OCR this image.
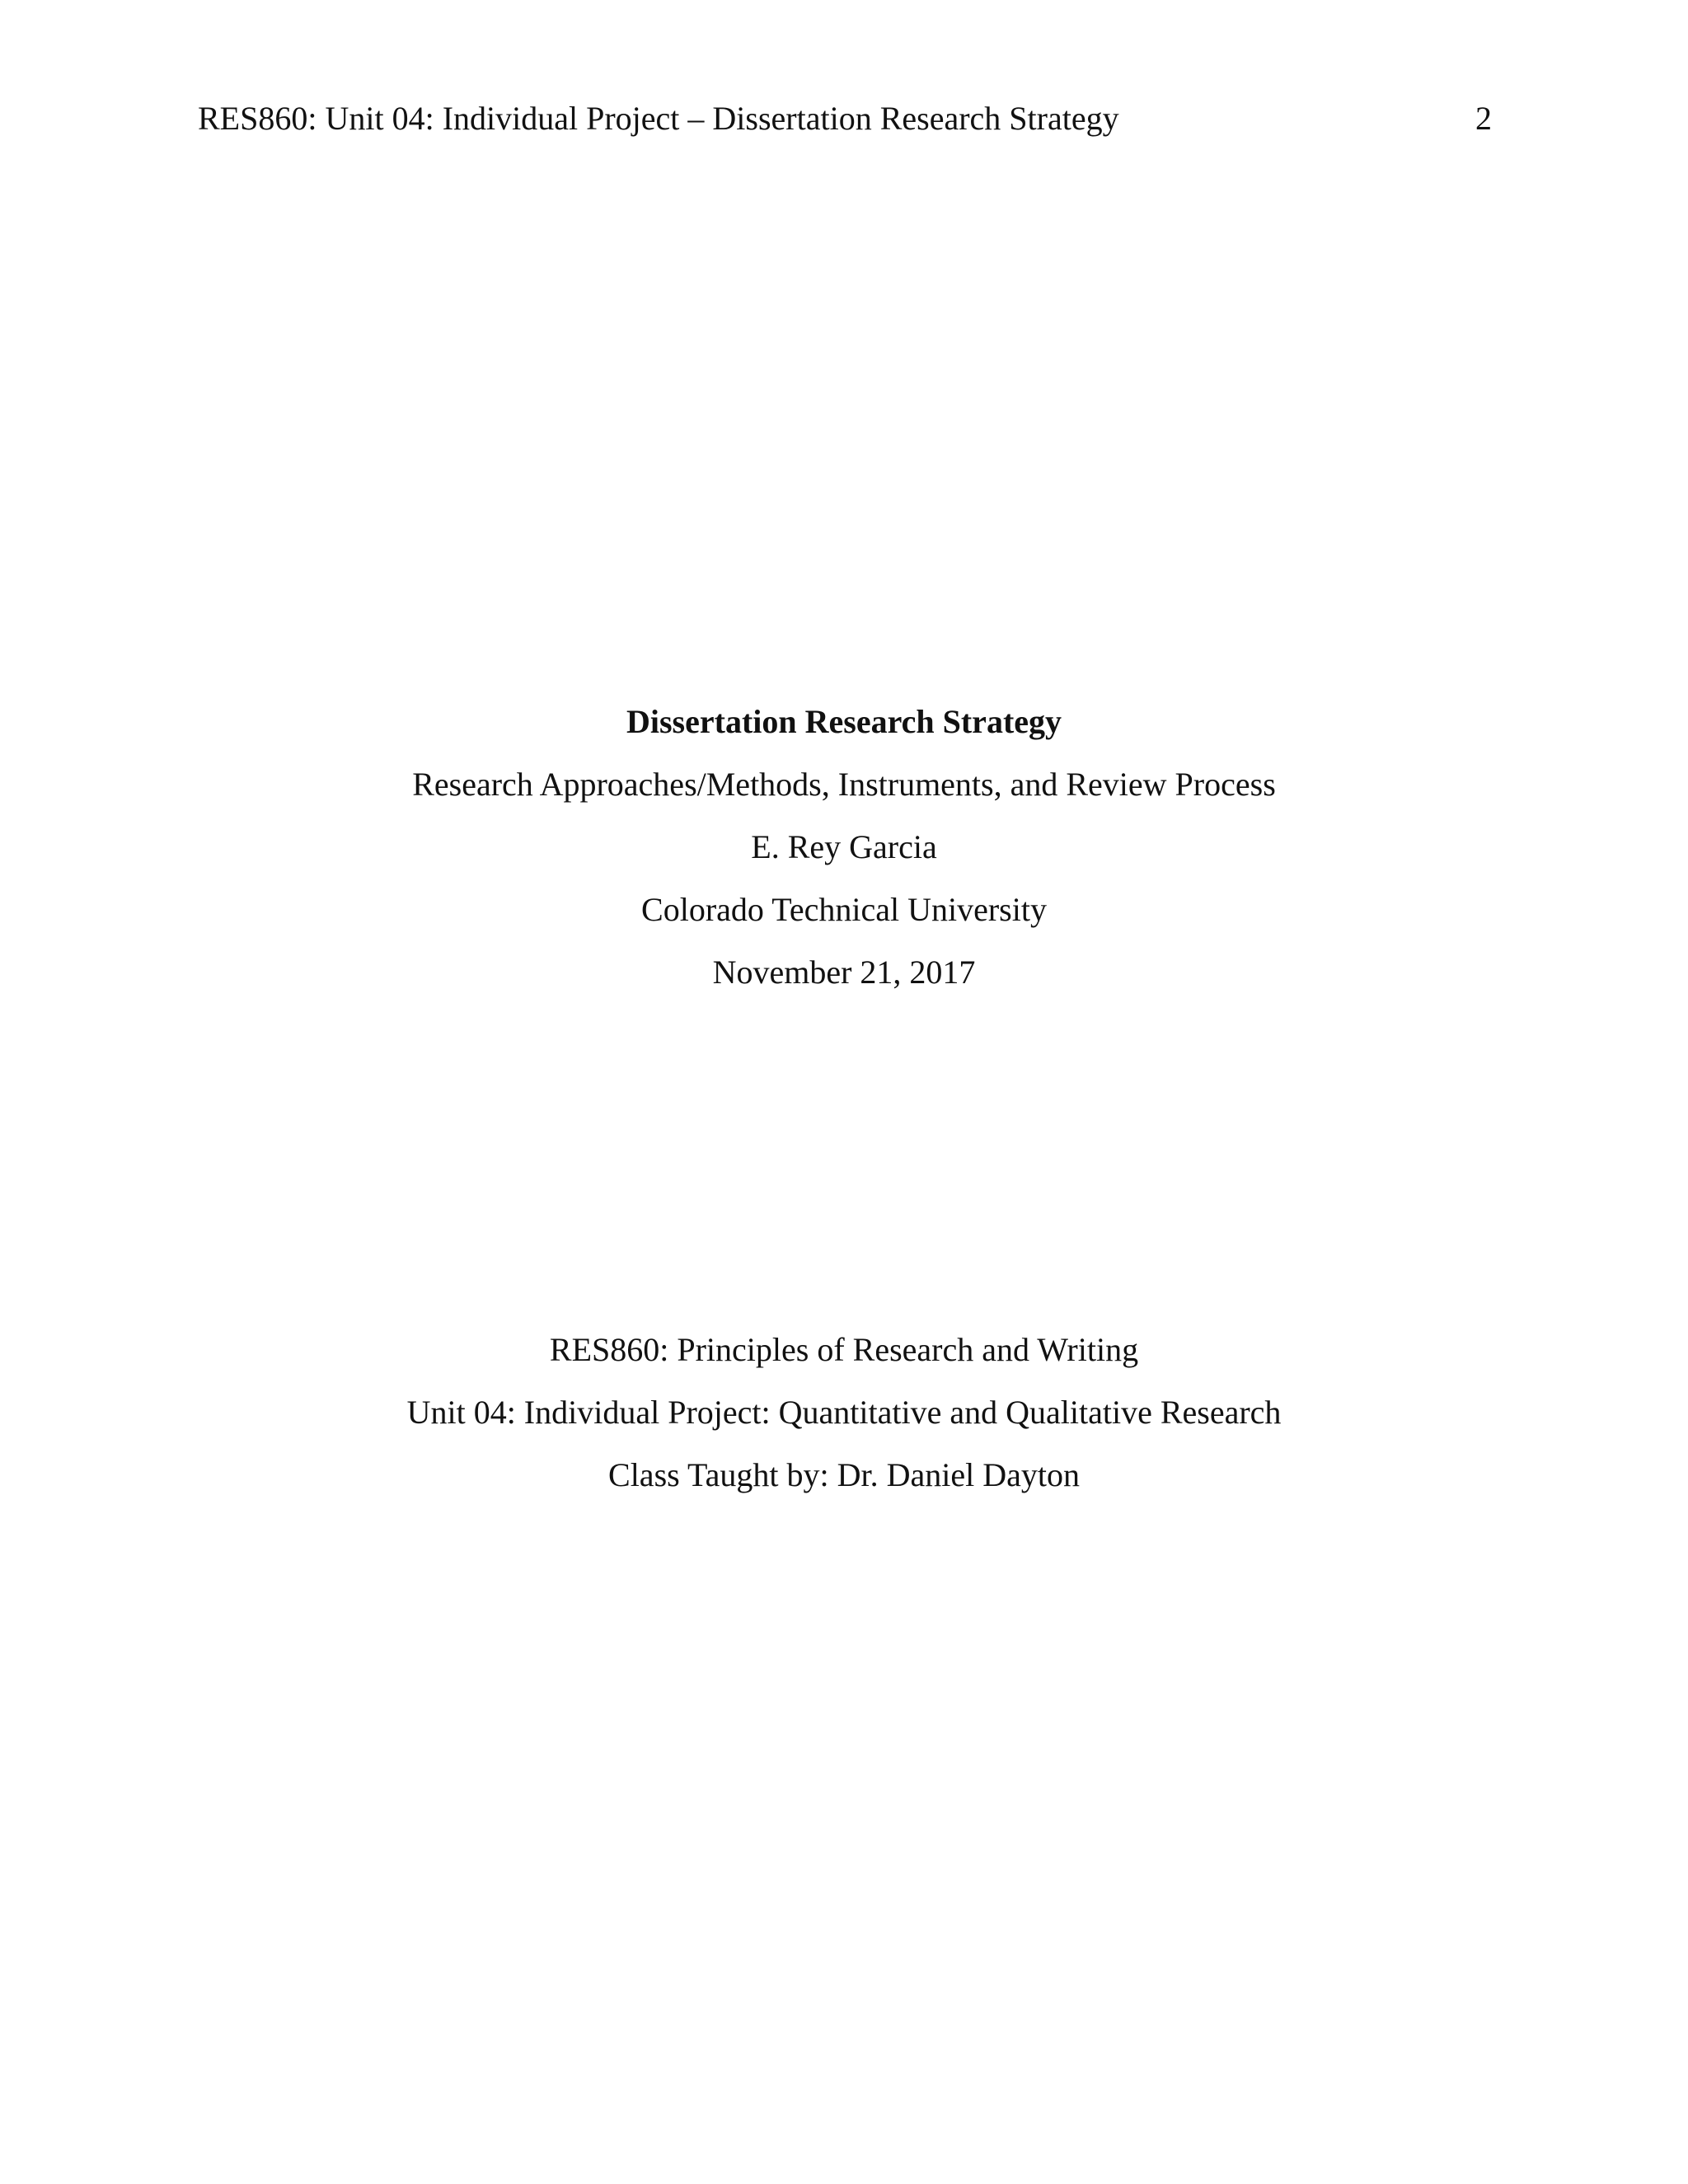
RES860: Unit 04: Individual Project – Dissertation Research Strategy	2
Dissertation Research Strategy
Research Approaches/Methods, Instruments, and Review Process
E. Rey Garcia
Colorado Technical University
November 21, 2017
RES860: Principles of Research and Writing
Unit 04: Individual Project: Quantitative and Qualitative Research
Class Taught by: Dr. Daniel Dayton
